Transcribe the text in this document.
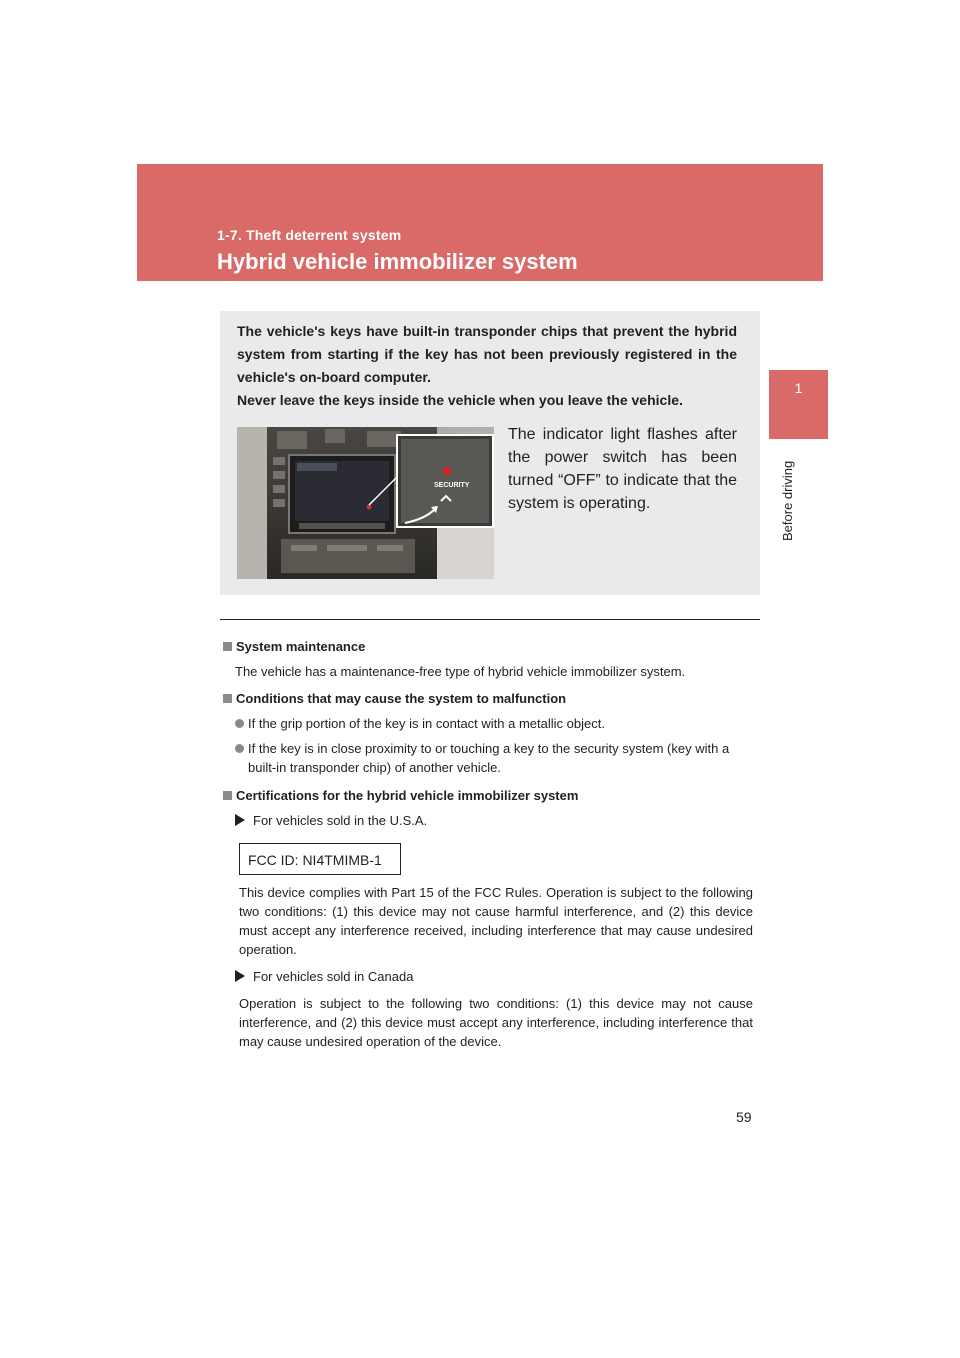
1-7. Theft deterrent system
Hybrid vehicle immobilizer system
1
Before driving
The vehicle's keys have built-in transponder chips that prevent the hybrid system from starting if the key has not been previously registered in the vehicle's on-board computer.
Never leave the keys inside the vehicle when you leave the vehicle.
SECURITY
The indicator light flashes after the power switch has been turned “OFF” to indicate that the system is operating.
System maintenance
The vehicle has a maintenance-free type of hybrid vehicle immobilizer system.
Conditions that may cause the system to malfunction
If the grip portion of the key is in contact with a metallic object.
If the key is in close proximity to or touching a key to the security system (key with a built-in transponder chip) of another vehicle.
Certifications for the hybrid vehicle immobilizer system
For vehicles sold in the U.S.A.
FCC ID: NI4TMIMB-1
This device complies with Part 15 of the FCC Rules. Operation is subject to the following two conditions: (1) this device may not cause harmful interference, and (2) this device must accept any interference received, including interference that may cause undesired operation.
For vehicles sold in Canada
Operation is subject to the following two conditions: (1) this device may not cause interference, and (2) this device must accept any interference, including interference that may cause undesired operation of the device.
59
